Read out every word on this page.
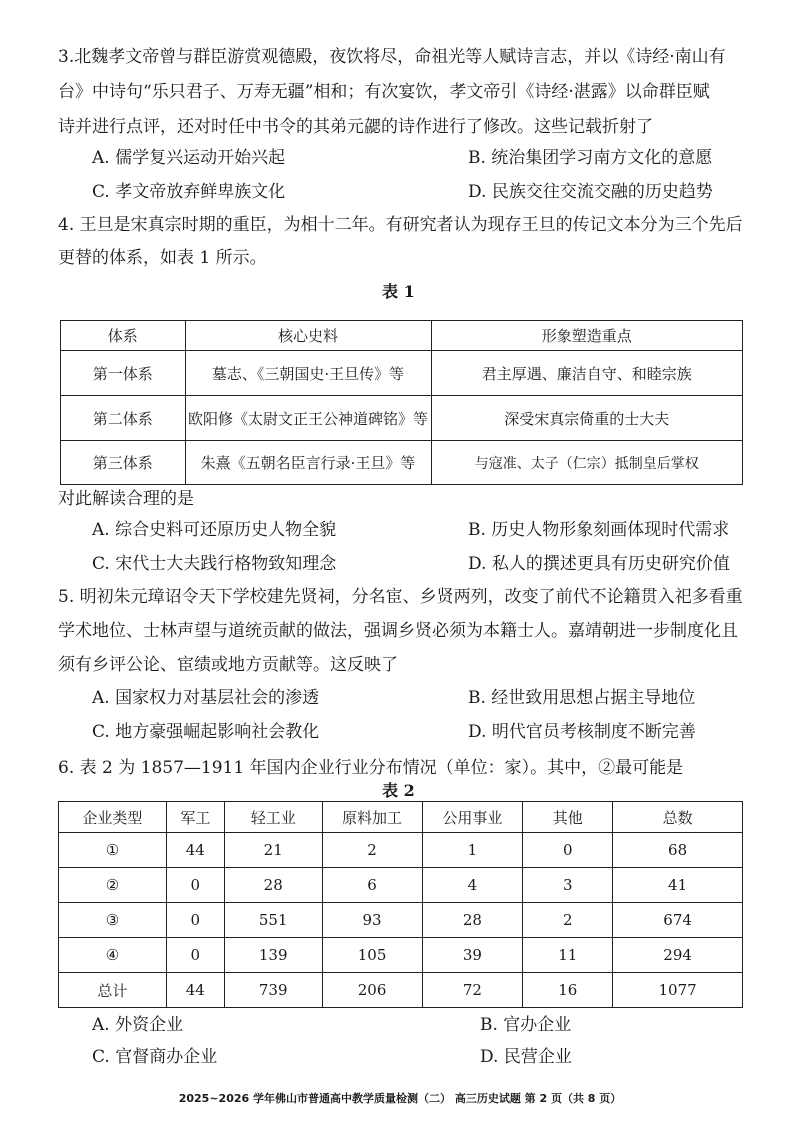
3.北魏孝文帝曾与群臣游赏观德殿，夜饮将尽，命祖光等人赋诗言志，并以《诗经·南山有
台》中诗句“乐只君子、万寿无疆”相和；有次宴饮，孝文帝引《诗经·湛露》以命群臣赋
诗并进行点评，还对时任中书令的其弟元勰的诗作进行了修改。这些记载折射了
A. 儒学复兴运动开始兴起	B. 统治集团学习南方文化的意愿
C. 孝文帝放弃鲜卑族文化	D. 民族交往交流交融的历史趋势
4. 王旦是宋真宗时期的重臣，为相十二年。有研究者认为现存王旦的传记文本分为三个先后
更替的体系，如表 1 所示。
表 1
体系	核心史料	形象塑造重点
第一体系	墓志、《三朝国史·王旦传》等	君主厚遇、廉洁自守、和睦宗族
第二体系	欧阳修《太尉文正王公神道碑铭》等	深受宋真宗倚重的士大夫
第三体系	朱熹《五朝名臣言行录·王旦》等	与寇准、太子（仁宗）抵制皇后掌权
对此解读合理的是
A. 综合史料可还原历史人物全貌	B. 历史人物形象刻画体现时代需求
C. 宋代士大夫践行格物致知理念	D. 私人的撰述更具有历史研究价值
5. 明初朱元璋诏令天下学校建先贤祠，分名宦、乡贤两列，改变了前代不论籍贯入祀多看重
学术地位、士林声望与道统贡献的做法，强调乡贤必须为本籍士人。嘉靖朝进一步制度化且
须有乡评公论、宦绩或地方贡献等。这反映了
A. 国家权力对基层社会的渗透	B. 经世致用思想占据主导地位
C. 地方豪强崛起影响社会教化	D. 明代官员考核制度不断完善
6. 表 2 为 1857—1911 年国内企业行业分布情况（单位：家）。其中，②最可能是
表 2
企业类型	军工	轻工业	原料加工	公用事业	其他	总数
①	44	21	2	1	0	68
②	0	28	6	4	3	41
③	0	551	93	28	2	674
④	0	139	105	39	11	294
总计	44	739	206	72	16	1077
A. 外资企业	B. 官办企业
C. 官督商办企业	D. 民营企业
2025~2026 学年佛山市普通高中教学质量检测（二） 高三历史试题 第 2 页（共 8 页）
